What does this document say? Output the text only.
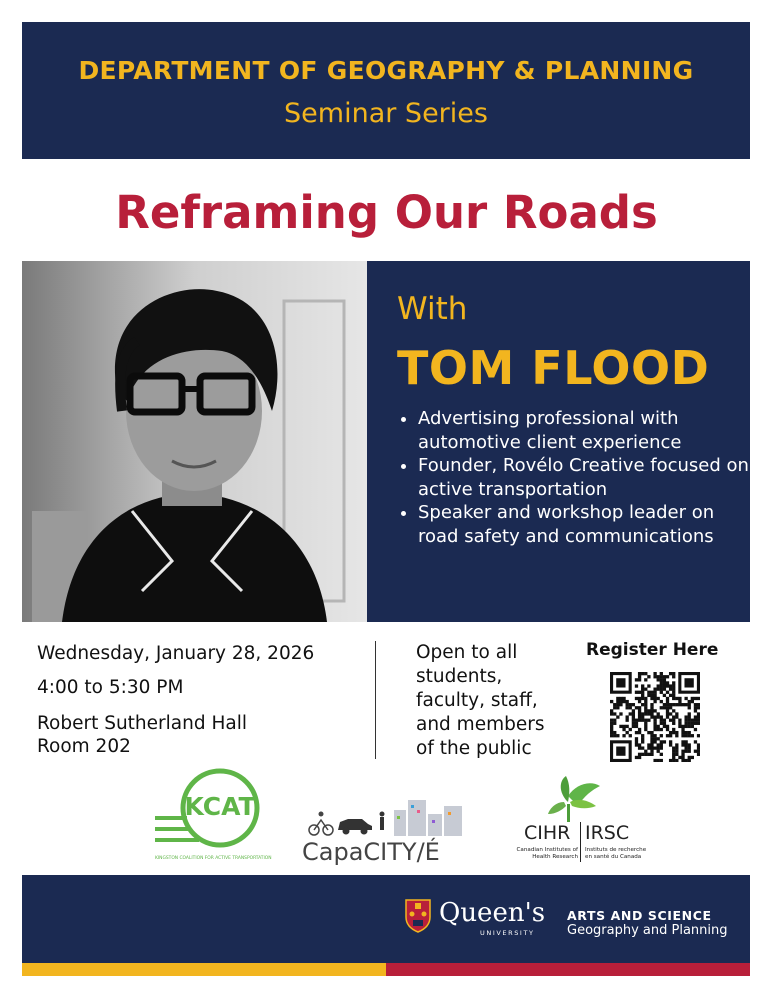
DEPARTMENT OF GEOGRAPHY & PLANNING
Seminar Series
Reframing Our Roads
With
TOM FLOOD
• Advertising professional with automotive client experience
• Founder, Rovélo Creative focused on active transportation
• Speaker and workshop leader on road safety and communications
Wednesday, January 28, 2026
4:00 to 5:30 PM
Robert Sutherland Hall
Room 202
Open to all students, faculty, staff, and members of the public
Register Here
KCAT
KINGSTON COALITION FOR ACTIVE TRANSPORTATION CapaCITY/É
CIHR IRSC
Canadian Institutes of
Health Research
Instituts de recherche
en santé du Canada
Queen's
UNIVERSITY
ARTS AND SCIENCE
Geography and Planning
